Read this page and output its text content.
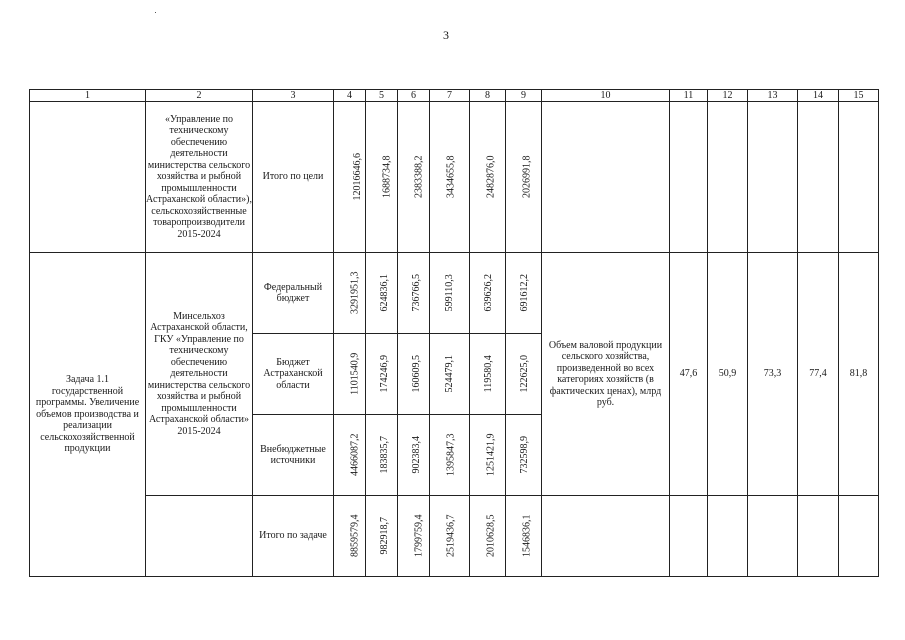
3
1	2	3	4	5	6	7	8	9	10	11	12	13	14	15
	«Управление по техническому обеспечению деятельности министерства сельского хозяйства и рыбной промышленности Астраханской области»), сельскохозяйственные товаропроизводители 2015-2024	Итого по цели	12016646,6	1688734,8	2383388,2	3434655,8	2482876,0	2026991,8						
Задача 1.1 государственной программы. Увеличение объемов производства и реализации сельскохозяйственной продукции	Минсельхоз Астраханской области, ГКУ «Управление по техническому обеспечению деятельности министерства сельского хозяйства и рыбной промышленности Астраханской области» 2015-2024	Федеральный бюджет	3291951,3	624836,1	736766,5	599110,3	639626,2	691612,2	Объем валовой продукции сельского хозяйства, произведенной во всех категориях хозяйств (в фактических ценах), млрд руб.	47,6	50,9	73,3	77,4	81,8
		Бюджет Астраханской области	1101540,9	174246,9	160609,5	524479,1	119580,4	122625,0						
		Внебюджетные источники	4466087,2	183835,7	902383,4	1395847,3	1251421,9	732598,9						
		Итого по задаче	8859579,4	982918,7	1799759,4	2519436,7	2010628,5	1546836,1						
